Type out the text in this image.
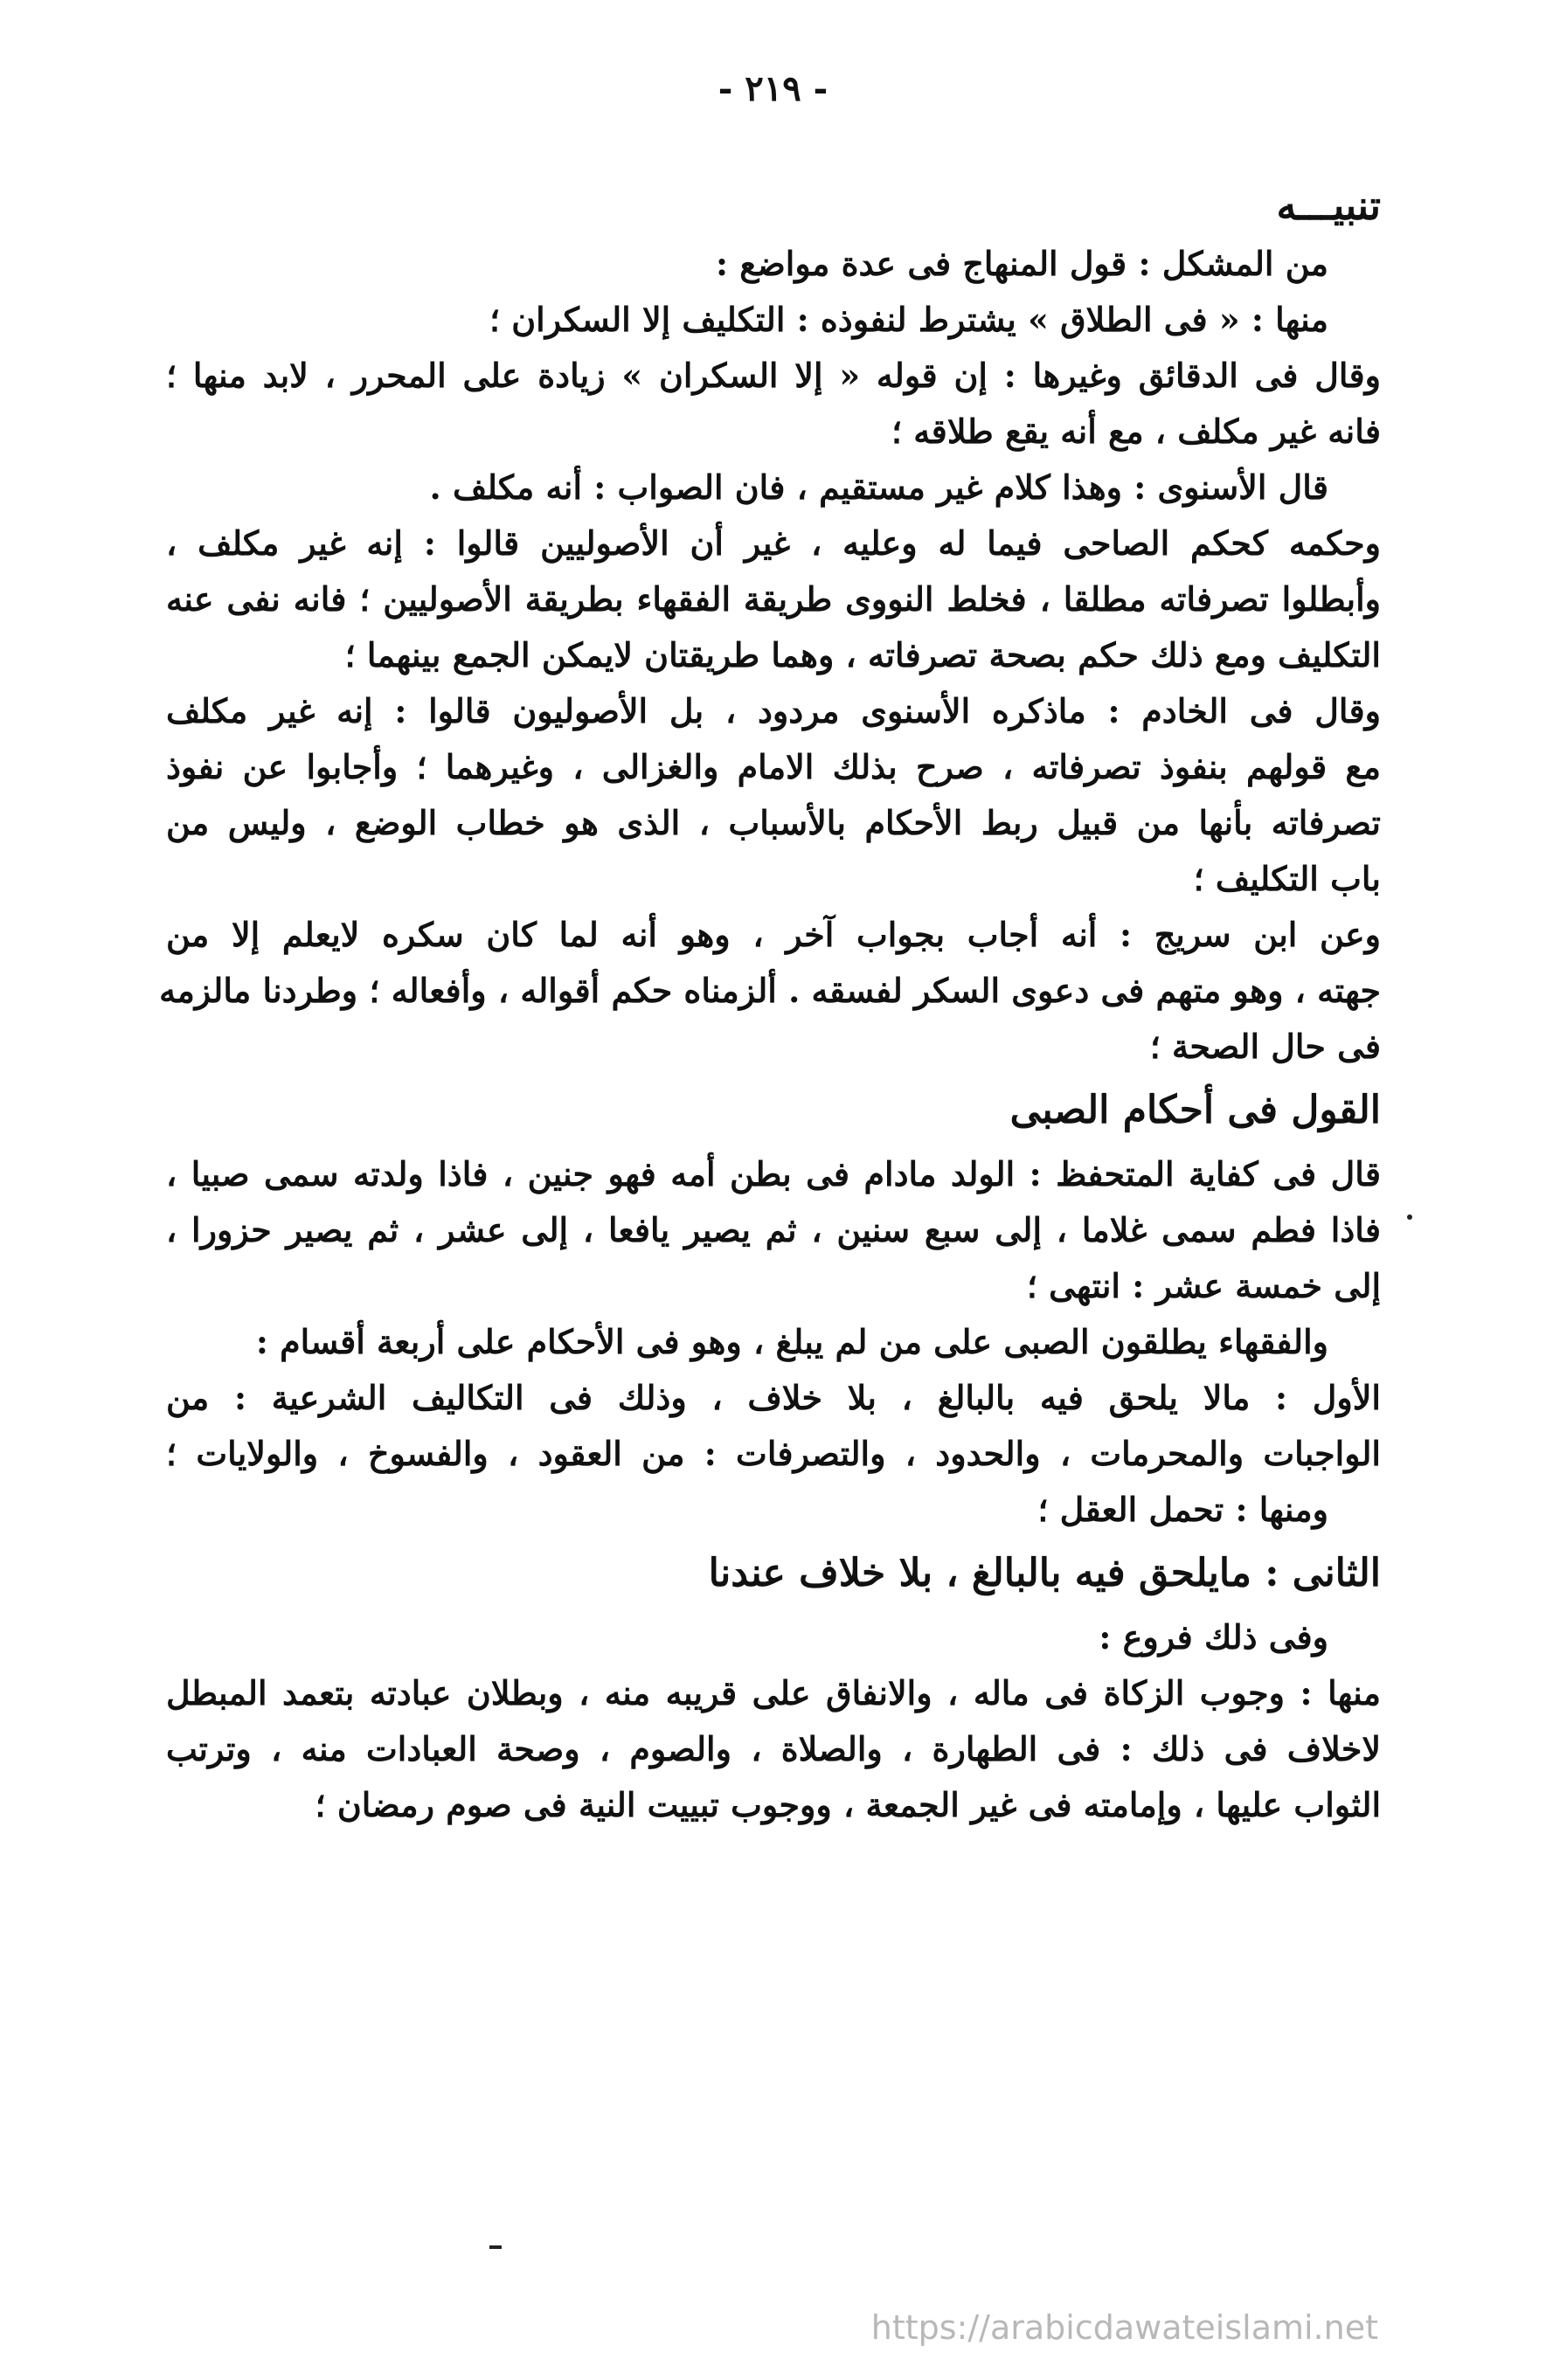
- ٢١٩ -
تنبيـــه
من المشكل : قول المنهاج فى عدة مواضع :
منها : « فى الطلاق » يشترط لنفوذه : التكليف إلا السكران ؛
وقال فى الدقائق وغيرها : إن قوله « إلا السكران » زيادة على المحرر ، لابد منها ؛
فانه غير مكلف ، مع أنه يقع طلاقه ؛
قال الأسنوى : وهذا كلام غير مستقيم ، فان الصواب : أنه مكلف .
وحكمه كحكم الصاحى فيما له وعليه ، غير أن الأصوليين قالوا : إنه غير مكلف ،
وأبطلوا تصرفاته مطلقا ، فخلط النووى طريقة الفقهاء بطريقة الأصوليين ؛ فانه نفى عنه
التكليف ومع ذلك حكم بصحة تصرفاته ، وهما طريقتان لايمكن الجمع بينهما ؛
وقال فى الخادم : ماذكره الأسنوى مردود ، بل الأصوليون قالوا : إنه غير مكلف
مع قولهم بنفوذ تصرفاته ، صرح بذلك الامام والغزالى ، وغيرهما ؛ وأجابوا عن نفوذ
تصرفاته بأنها من قبيل ربط الأحكام بالأسباب ، الذى هو خطاب الوضع ، وليس من
باب التكليف ؛
وعن ابن سريج : أنه أجاب بجواب آخر ، وهو أنه لما كان سكره لايعلم إلا من
جهته ، وهو متهم فى دعوى السكر لفسقه . ألزمناه حكم أقواله ، وأفعاله ؛ وطردنا مالزمه
فى حال الصحة ؛
القول فى أحكام الصبى
قال فى كفاية المتحفظ : الولد مادام فى بطن أمه فهو جنين ، فاذا ولدته سمى صبيا ،
فاذا فطم سمى غلاما ، إلى سبع سنين ، ثم يصير يافعا ، إلى عشر ، ثم يصير حزورا ،
إلى خمسة عشر : انتهى ؛
والفقهاء يطلقون الصبى على من لم يبلغ ، وهو فى الأحكام على أربعة أقسام :
الأول : مالا يلحق فيه بالبالغ ، بلا خلاف ، وذلك فى التكاليف الشرعية : من
الواجبات والمحرمات ، والحدود ، والتصرفات : من العقود ، والفسوخ ، والولايات ؛
ومنها : تحمل العقل ؛
الثانى : مايلحق فيه بالبالغ ، بلا خلاف عندنا
وفى ذلك فروع :
منها : وجوب الزكاة فى ماله ، والانفاق على قريبه منه ، وبطلان عبادته بتعمد المبطل
لاخلاف فى ذلك : فى الطهارة ، والصلاة ، والصوم ، وصحة العبادات منه ، وترتب
الثواب عليها ، وإمامته فى غير الجمعة ، ووجوب تبييت النية فى صوم رمضان ؛
https://arabicdawateislami.net
